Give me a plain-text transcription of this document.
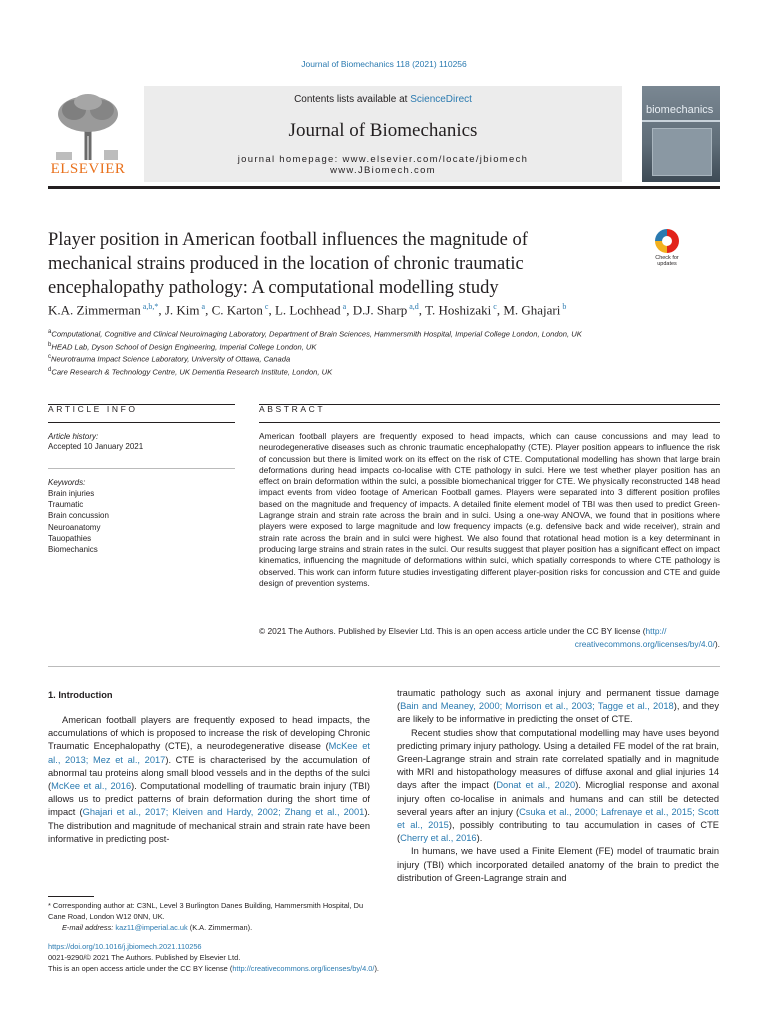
Journal of Biomechanics 118 (2021) 110256
ELSEVIER
Contents lists available at ScienceDirect
Journal of Biomechanics
journal homepage: www.elsevier.com/locate/jbiomech
www.JBiomech.com
biomechanics
Player position in American football influences the magnitude of mechanical strains produced in the location of chronic traumatic encephalopathy pathology: A computational modelling study
Check for updates
K.A. Zimmerman $^{a,b,*}$, J. Kim $^a$, C. Karton $^c$, L. Lochhead $^a$, D.J. Sharp $^{a,d}$, T. Hoshizaki $^c$, M. Ghajari $^b$
$^a$Computational, Cognitive and Clinical Neuroimaging Laboratory, Department of Brain Sciences, Hammersmith Hospital, Imperial College London, London, UK
$^b$HEAD Lab, Dyson School of Design Engineering, Imperial College London, UK
$^c$Neurotrauma Impact Science Laboratory, University of Ottawa, Canada
$^d$Care Research & Technology Centre, UK Dementia Research Institute, London, UK
ARTICLE INFO	ABSTRACT
Article history:
Accepted 10 January 2021
Keywords:
Brain injuries
Traumatic
Brain concussion
Neuroanatomy
Tauopathies
Biomechanics
American football players are frequently exposed to head impacts, which can cause concussions and may lead to neurodegenerative diseases such as chronic traumatic encephalopathy (CTE). Player position appears to influence the risk of concussion but there is limited work on its effect on the risk of CTE. Computational modelling has shown that large brain deformations during head impacts co-localise with CTE pathology in sulci. Here we test whether player position has an effect on brain deformation within the sulci, a possible biomechanical trigger for CTE. We physically reconstructed 148 head impact events from video footage of American Football games. Players were separated into 3 different position profiles based on the magnitude and frequency of impacts. A detailed finite element model of TBI was then used to predict Green-Lagrange strain and strain rate across the brain and in sulci. Using a one-way ANOVA, we found that in positions where players were exposed to large magnitude and low frequency impacts (e.g. defensive back and wide receiver), strain and strain rate across the brain and in sulci were highest. We also found that rotational head motion is a key determinant in producing large strains and strain rates in the sulci. Our results suggest that player position has a significant effect on impact kinematics, influencing the magnitude of deformations within sulci, which spatially corresponds to where CTE pathology is observed. This work can inform future studies investigating different player-position risks for concussion and CTE and guide design of prevention systems.
© 2021 The Authors. Published by Elsevier Ltd. This is an open access article under the CC BY license (http://
creativecommons.org/licenses/by/4.0/).
1. Introduction

American football players are frequently exposed to head impacts, the accumulations of which is proposed to increase the risk of developing Chronic Traumatic Encephalopathy (CTE), a neurodegenerative disease (McKee et al., 2013; Mez et al., 2017). CTE is characterised by the accumulation of abnormal tau proteins along small blood vessels and in the depths of the sulci (McKee et al., 2016). Computational modelling of traumatic brain injury (TBI) allows us to predict patterns of brain deformation during the short time of impact (Ghajari et al., 2017; Kleiven and Hardy, 2002; Zhang et al., 2001). The distribution and magnitude of mechanical strain and strain rate have been informative in predicting post-

traumatic pathology such as axonal injury and permanent tissue damage (Bain and Meaney, 2000; Morrison et al., 2003; Tagge et al., 2018), and they are likely to be informative in predicting the onset of CTE.

Recent studies show that computational modelling may have uses beyond predicting primary injury pathology. Using a detailed FE model of the rat brain, Green-Lagrange strain and strain rate correlated spatially and in magnitude with MRI and histopathology measures of diffuse axonal and glial injuries 14 days after the impact (Donat et al., 2020). Microglial response and axonal injury often co-localise in animals and humans and can still be detected several years after an injury (Csuka et al., 2000; Lafrenaye et al., 2015; Scott et al., 2015), possibly contributing to tau accumulation in cases of CTE (Cherry et al., 2016).

In humans, we have used a Finite Element (FE) model of traumatic brain injury (TBI) which incorporated detailed anatomy of the brain to predict the distribution of Green-Lagrange strain and

* Corresponding author at: C3NL, Level 3 Burlington Danes Building, Hammersmith Hospital, Du Cane Road, London W12 0NN, UK.
E-mail address: kaz11@imperial.ac.uk (K.A. Zimmerman).
https://doi.org/10.1016/j.jbiomech.2021.110256
0021-9290/© 2021 The Authors. Published by Elsevier Ltd.
This is an open access article under the CC BY license (http://creativecommons.org/licenses/by/4.0/).
